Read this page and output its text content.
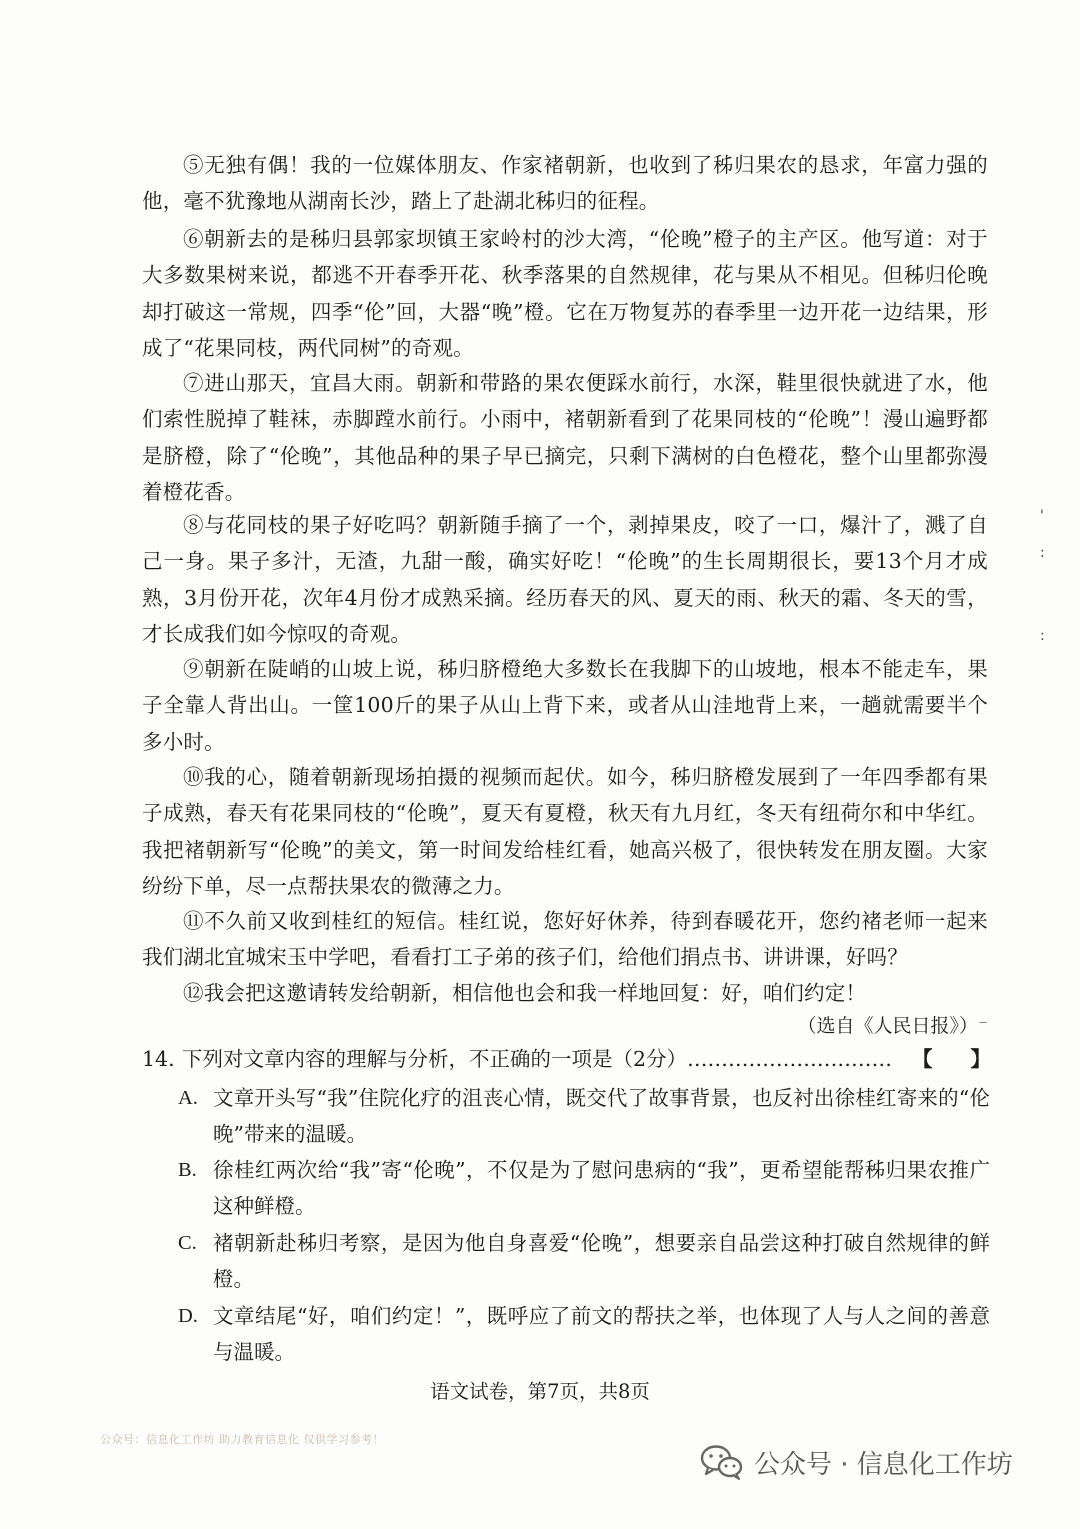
⑤无独有偶！我的一位媒体朋友、作家褚朝新，也收到了秭归果农的恳求，年富力强的他，毫不犹豫地从湖南长沙，踏上了赴湖北秭归的征程。

⑥朝新去的是秭归县郭家坝镇王家岭村的沙大湾，“伦晚”橙子的主产区。他写道：对于大多数果树来说，都逃不开春季开花、秋季落果的自然规律，花与果从不相见。但秭归伦晚却打破这一常规，四季“伦”回，大器“晚”橙。它在万物复苏的春季里一边开花一边结果，形成了“花果同枝，两代同树”的奇观。

⑦进山那天，宜昌大雨。朝新和带路的果农便踩水前行，水深，鞋里很快就进了水，他们索性脱掉了鞋袜，赤脚蹚水前行。小雨中，褚朝新看到了花果同枝的“伦晚”！漫山遍野都是脐橙，除了“伦晚”，其他品种的果子早已摘完，只剩下满树的白色橙花，整个山里都弥漫着橙花香。

⑧与花同枝的果子好吃吗？朝新随手摘了一个，剥掉果皮，咬了一口，爆汁了，溅了自己一身。果子多汁，无渣，九甜一酸，确实好吃！“伦晚”的生长周期很长，要13个月才成熟，3月份开花，次年4月份才成熟采摘。经历春天的风、夏天的雨、秋天的霜、冬天的雪，才长成我们如今惊叹的奇观。

⑨朝新在陡峭的山坡上说，秭归脐橙绝大多数长在我脚下的山坡地，根本不能走车，果子全靠人背出山。一筐100斤的果子从山上背下来，或者从山洼地背上来，一趟就需要半个多小时。

⑩我的心，随着朝新现场拍摄的视频而起伏。如今，秭归脐橙发展到了一年四季都有果子成熟，春天有花果同枝的“伦晚”，夏天有夏橙，秋天有九月红，冬天有纽荷尔和中华红。我把褚朝新写“伦晚”的美文，第一时间发给桂红看，她高兴极了，很快转发在朋友圈。大家纷纷下单，尽一点帮扶果农的微薄之力。

⑪不久前又收到桂红的短信。桂红说，您好好休养，待到春暖花开，您约褚老师一起来我们湖北宜城宋玉中学吧，看看打工子弟的孩子们，给他们捐点书、讲讲课，好吗？

⑫我会把这邀请转发给朝新，相信他也会和我一样地回复：好，咱们约定！

（选自《人民日报》）⁻
14. 下列对文章内容的理解与分析，不正确的一项是（2分）………………………… 【 】
A. 文章开头写“我”住院化疗的沮丧心情，既交代了故事背景，也反衬出徐桂红寄来的“伦晚”带来的温暖。
B. 徐桂红两次给“我”寄“伦晚”，不仅是为了慰问患病的“我”，更希望能帮秭归果农推广这种鲜橙。
C. 褚朝新赴秭归考察，是因为他自身喜爱“伦晚”，想要亲自品尝这种打破自然规律的鲜橙。
D. 文章结尾“好，咱们约定！”，既呼应了前文的帮扶之举，也体现了人与人之间的善意与温暖。
语文试卷，第7页，共8页
公众号：信息化工作坊 助力教育信息化 仅供学习参考！
公众号 · 信息化工作坊
'
:
:
